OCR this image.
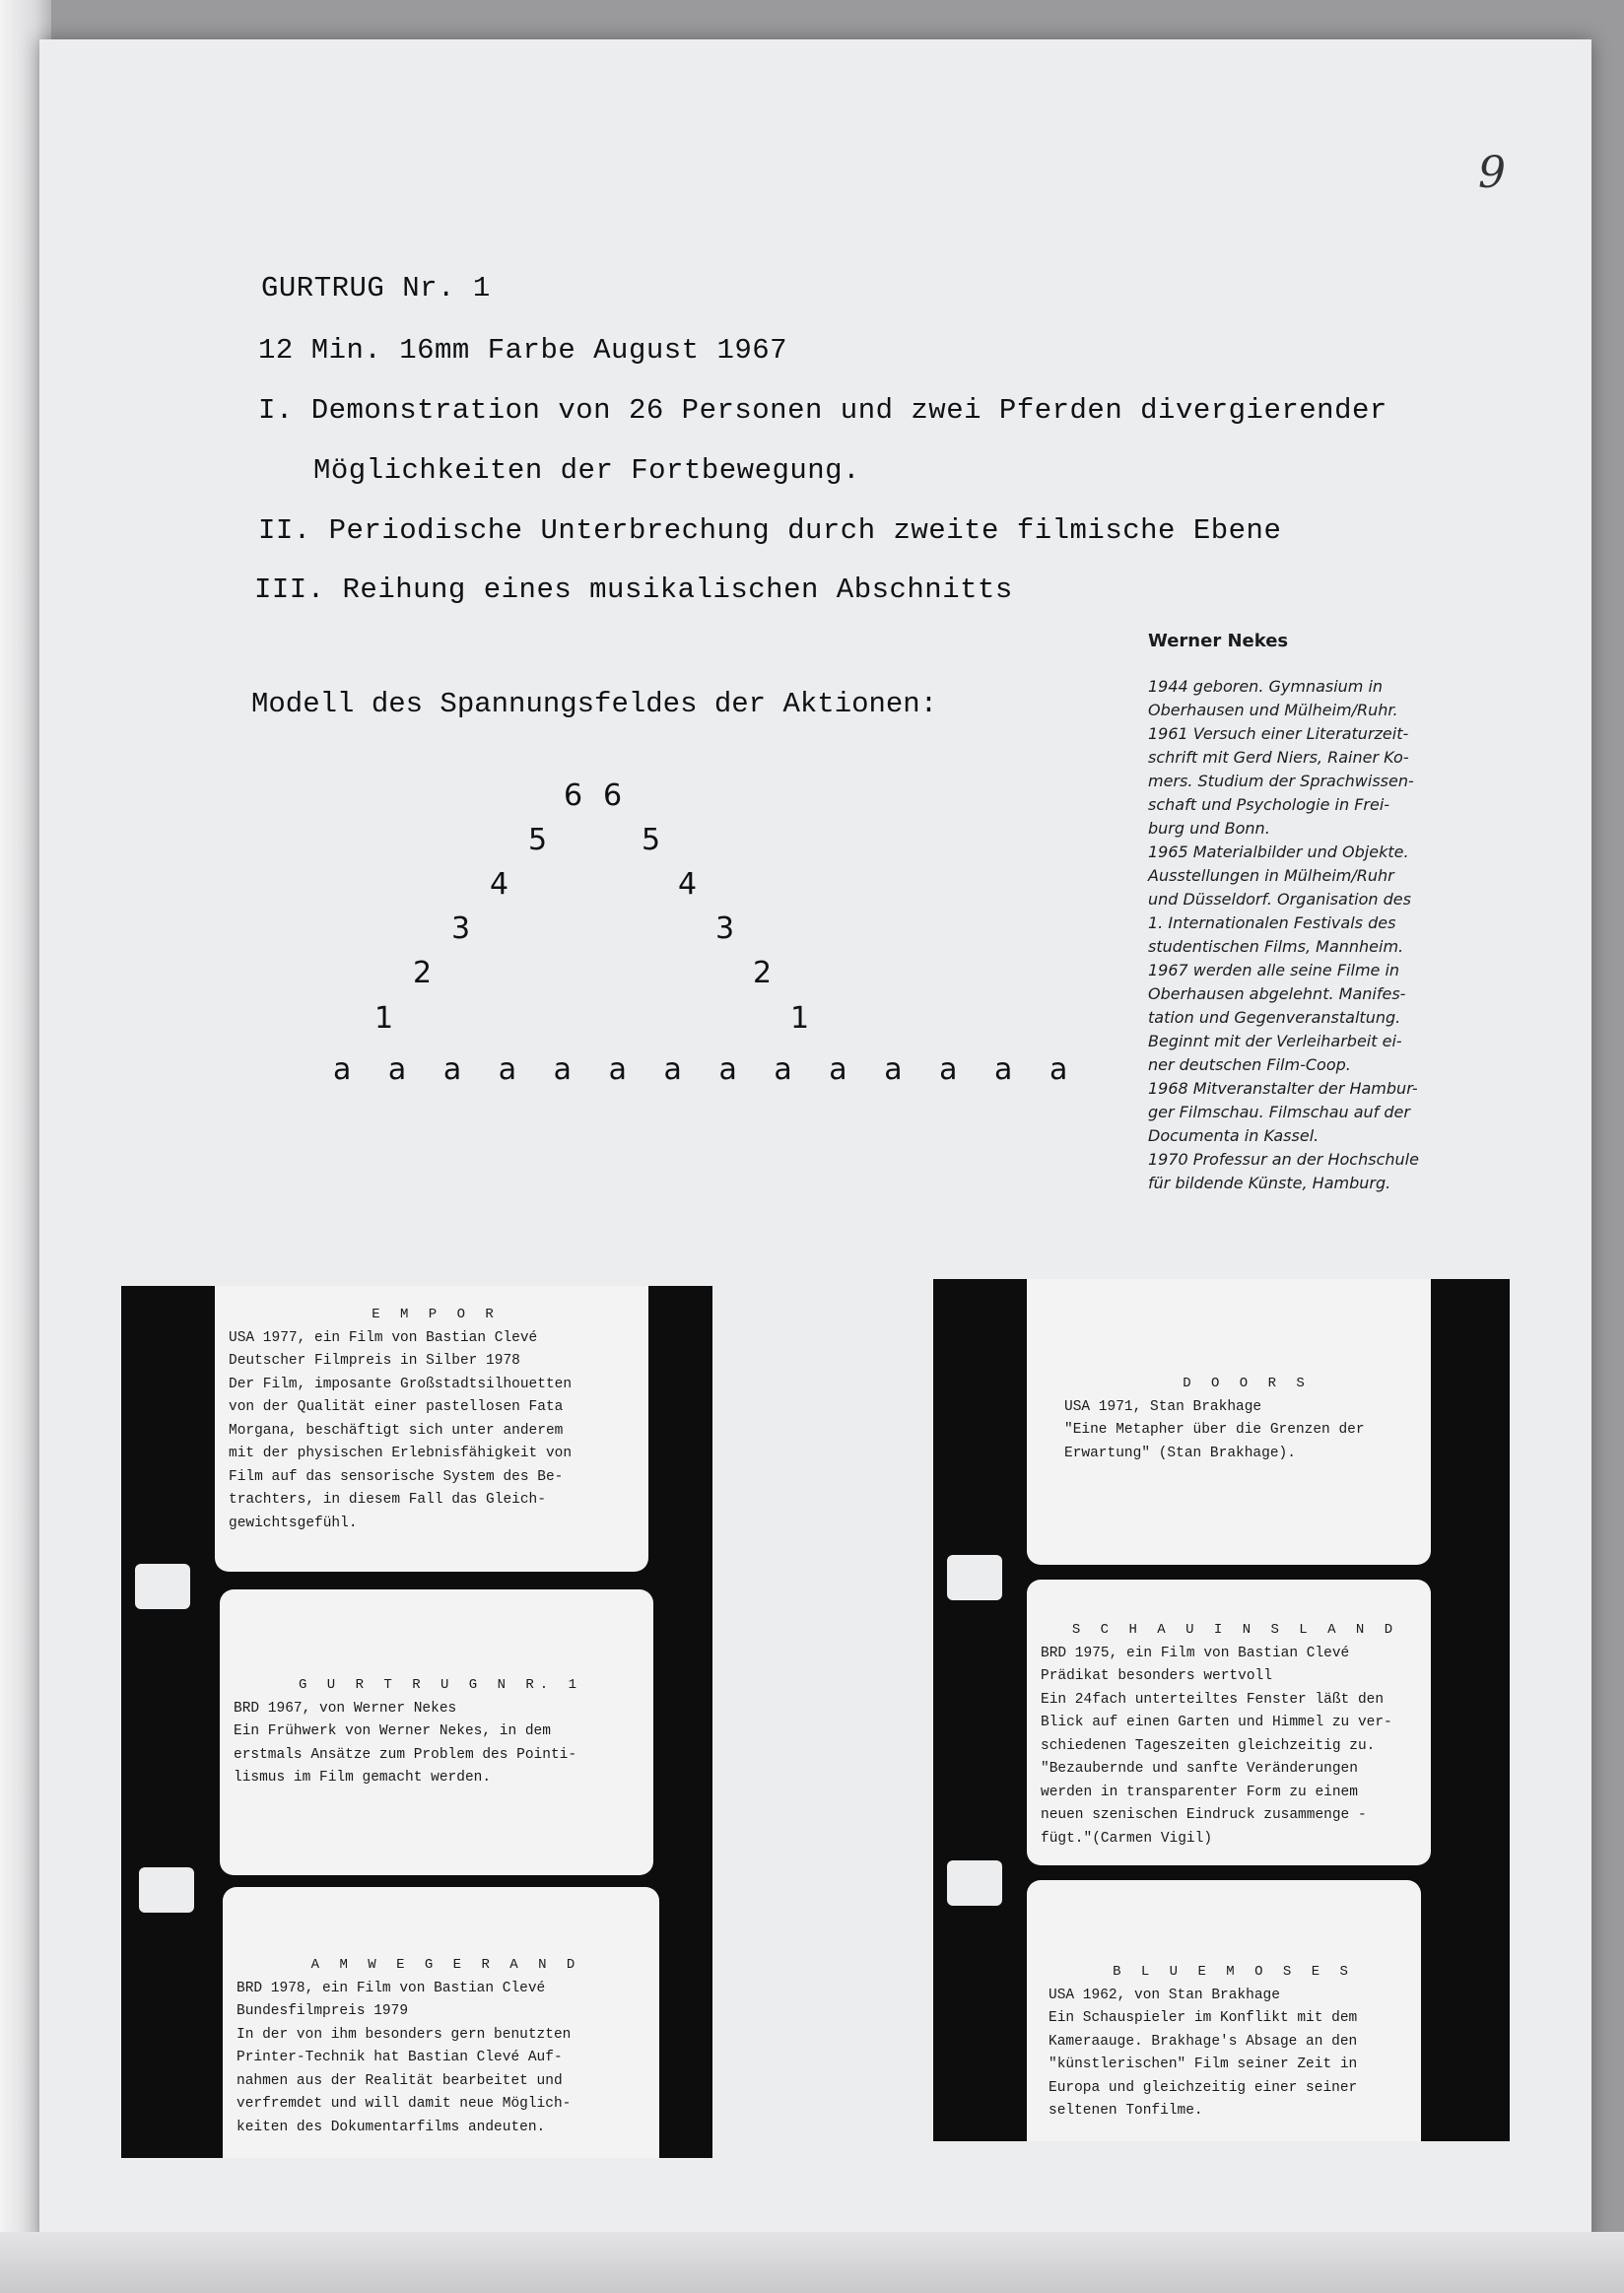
9
GURTRUG Nr. 1
12 Min. 16mm Farbe August 1967
I. Demonstration von 26 Personen und zwei Pferden divergierender
Möglichkeiten der Fortbewegung.
II. Periodische Unterbrechung durch zweite filmische Ebene
III. Reihung eines musikalischen Abschnitts
Modell des Spannungsfeldes der Aktionen:
6
5
4
3
2
1
6
5
4
3
2
1
a a a a a a a a a a a a a a
Werner Nekes
1944 geboren. Gymnasium in
Oberhausen und Mülheim/Ruhr.
1961 Versuch einer Literaturzeit-
schrift mit Gerd Niers, Rainer Ko-
mers. Studium der Sprachwissen-
schaft und Psychologie in Frei-
burg und Bonn.
1965 Materialbilder und Objekte.
Ausstellungen in Mülheim/Ruhr
und Düsseldorf. Organisation des
1. Internationalen Festivals des
studentischen Films, Mannheim.
1967 werden alle seine Filme in
Oberhausen abgelehnt. Manifes-
tation und Gegenveranstaltung.
Beginnt mit der Verleiharbeit ei-
ner deutschen Film-Coop.
1968 Mitveranstalter der Hambur-
ger Filmschau. Filmschau auf der
Documenta in Kassel.
1970 Professur an der Hochschule
für bildende Künste, Hamburg.
E M P O R
USA 1977, ein Film von Bastian Clevé
Deutscher Filmpreis in Silber 1978
Der Film, imposante Großstadtsilhouetten
von der Qualität einer pastellosen Fata
Morgana, beschäftigt sich unter anderem
mit der physischen Erlebnisfähigkeit von
Film auf das sensorische System des Be-
trachters, in diesem Fall das Gleich-
gewichtsgefühl.
G U R T R U G N R. 1
BRD 1967, von Werner Nekes
Ein Frühwerk von Werner Nekes, in dem
erstmals Ansätze zum Problem des Pointi-
lismus im Film gemacht werden.
A M W E G E R A N D
BRD 1978, ein Film von Bastian Clevé
Bundesfilmpreis 1979
In der von ihm besonders gern benutzten
Printer-Technik hat Bastian Clevé Auf-
nahmen aus der Realität bearbeitet und
verfremdet und will damit neue Möglich-
keiten des Dokumentarfilms andeuten.
D O O R S
USA 1971, Stan Brakhage
"Eine Metapher über die Grenzen der
Erwartung" (Stan Brakhage).
S C H A U I N S L A N D
BRD 1975, ein Film von Bastian Clevé
Prädikat besonders wertvoll
Ein 24fach unterteiltes Fenster läßt den
Blick auf einen Garten und Himmel zu ver-
schiedenen Tageszeiten gleichzeitig zu.
"Bezaubernde und sanfte Veränderungen
werden in transparenter Form zu einem
neuen szenischen Eindruck zusammenge -
fügt."(Carmen Vigil)
B L U E M O S E S
USA 1962, von Stan Brakhage
Ein Schauspieler im Konflikt mit dem
Kameraauge. Brakhage's Absage an den
"künstlerischen" Film seiner Zeit in
Europa und gleichzeitig einer seiner
seltenen Tonfilme.
